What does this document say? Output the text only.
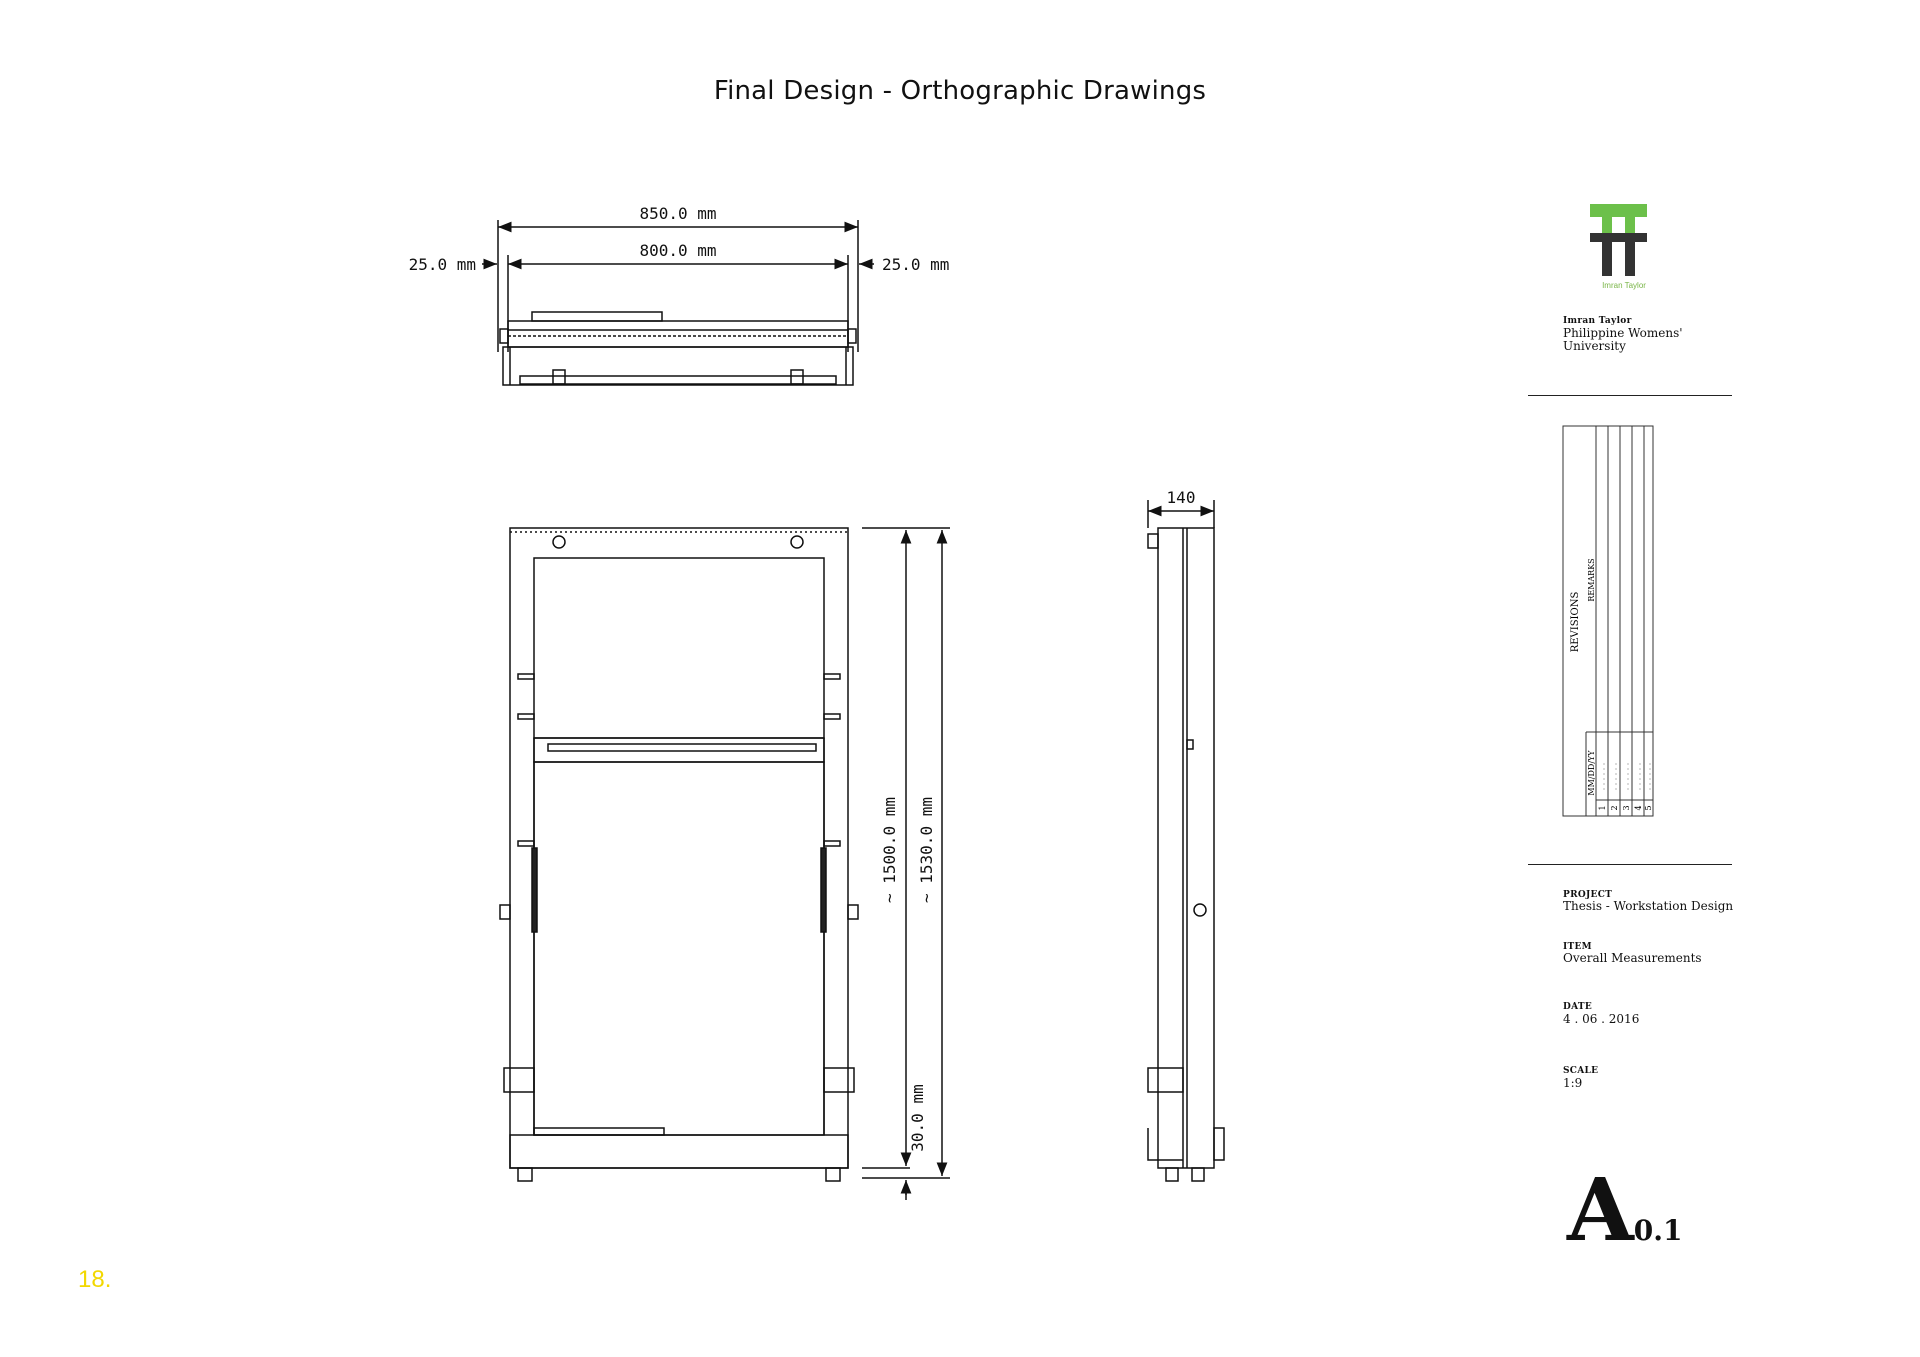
Final Design - Orthographic Drawings
850.0 mm
800.0 mm
25.0 mm	25.0 mm
~ 1500.0 mm ~ 1530.0 mm
30.0 mm
140
REVISIONS
REMARKS
MM/DD/YY
1 2 3 4 5
Imran Taylor
Imran Taylor
Philippine Womens'
University
PROJECT
Thesis - Workstation Design
ITEM
Overall Measurements
DATE
4 . 06 . 2016
SCALE
1:9
A0.1
18.
